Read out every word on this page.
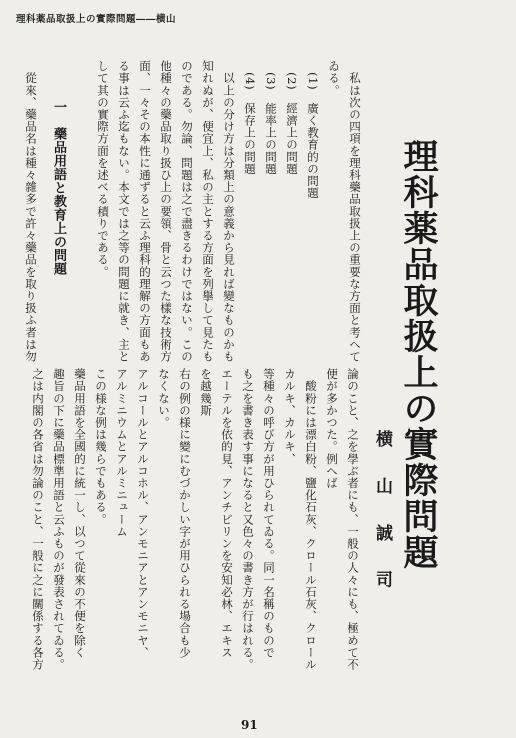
理科薬品取扱上の實際問題――横山
理科薬品取扱上の實際問題
横 山 誠 司
論のこと、之を學ぶ者にも、一般の人々にも、極めて不
便が多かつた。例へば
　酸粉には漂白粉、鹽化石灰、クロール石灰、クロール
カルキ、カルキ、
等種々の呼び方が用ひられてゐる。同一名稱のもので
も之を書き表す事になると又色々の書き方が行はれる。
エーテルを依的見、アンチピリンを安知必林、エキス
を越幾斯
右の例の様に變にむづかしい字が用ひられる場合も少
なくない。
アルコールとアルコホル、アンモニアとアンモニヤ、
アルミニウムとアルミニューム
この様な例は幾らでもある。
藥品用語を全國的に統一し、以つて從來の不便を除く
趣旨の下に藥品標準用語と云ふものが發表されてゐる。
之は内閣の各省は勿論のこと、一般に之に關係する各方
　私は次の四項を理科藥品取扱上の重要な方面と考へて
ゐる。
　(1)　廣く教育的の問題
　(2)　經濟上の問題
　(3)　能率上の問題
　(4)　保存上の問題
　以上の分け方は分類上の意義から見れば變なものかも
知れぬが、便宜上、私の主とする方面を列擧して見たも
のである。勿論、問題は之で盡きるわけではない。この
他種々の藥品取り扱ひ上の要領、骨と云つた樣な技術方
面、一々その本性に通ずると云ふ理科的理解の方面もあ
る事は云ふ迄もない。本文では之等の問題に就き、主と
して其の實際方面を述べる積りである。
一　藥品用語と教育上の問題
　從來、藥品名は種々雜多で許々藥品を取り扱ふ者は勿
91
